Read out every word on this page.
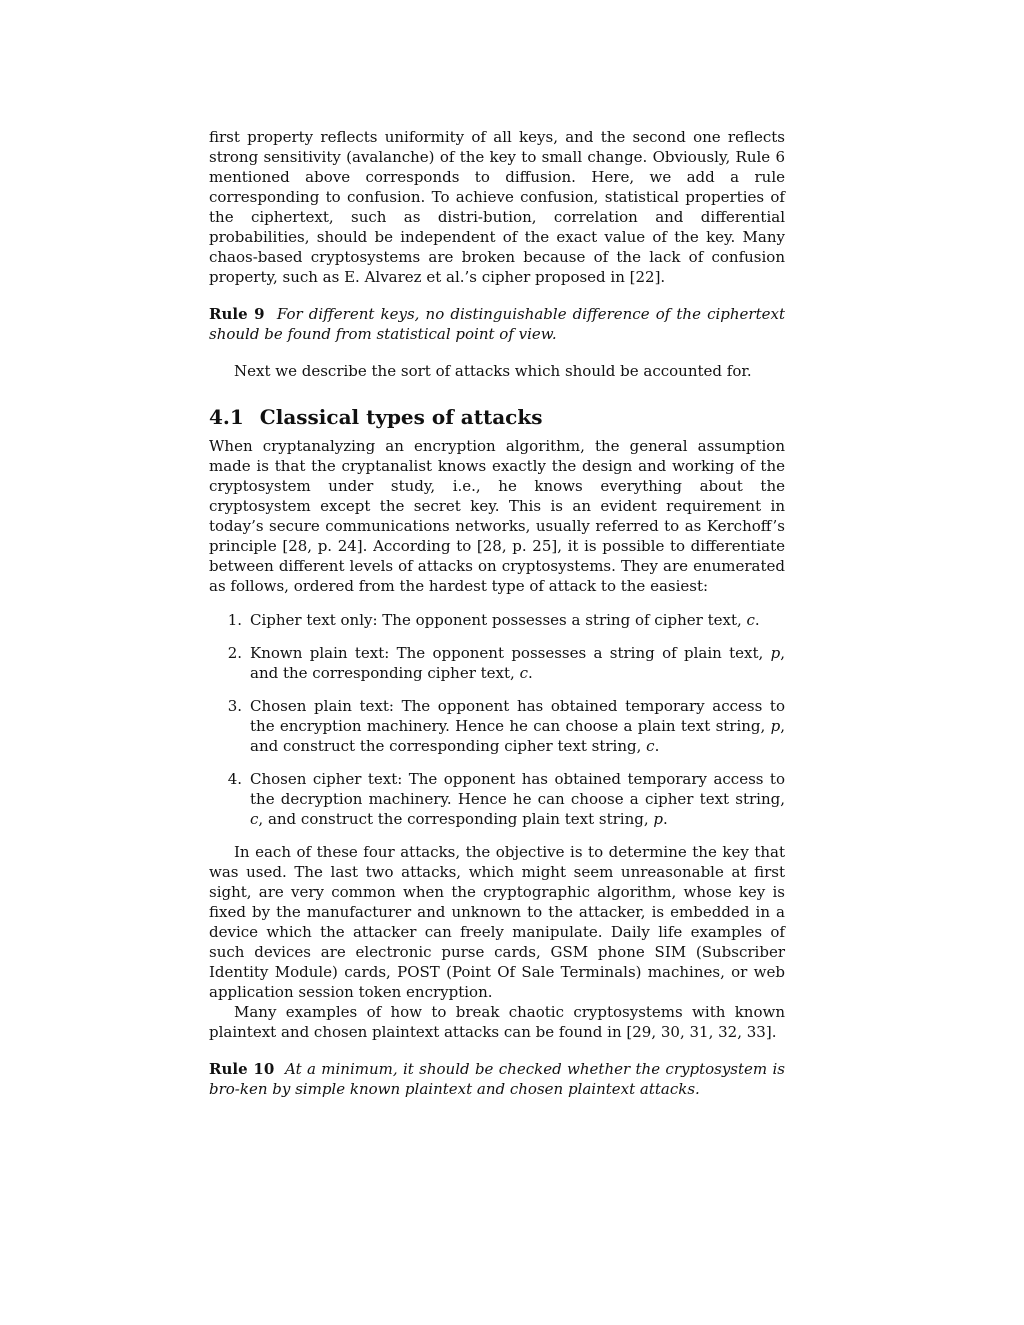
first property reflects uniformity of all keys, and the second one reflects strong sensitivity (avalanche) of the key to small change. Obviously, Rule 6 mentioned above corresponds to diffusion. Here, we add a rule corresponding to confusion. To achieve confusion, statistical properties of the ciphertext, such as distri-bution, correlation and differential probabilities, should be independent of the exact value of the key. Many chaos-based cryptosystems are broken because of the lack of confusion property, such as E. Alvarez et al.’s cipher proposed in [22].

Rule 9 For different keys, no distinguishable difference of the ciphertext should be found from statistical point of view.

Next we describe the sort of attacks which should be accounted for.

4.1 Classical types of attacks

When cryptanalyzing an encryption algorithm, the general assumption made is that the cryptanalist knows exactly the design and working of the cryptosystem under study, i.e., he knows everything about the cryptosystem except the secret key. This is an evident requirement in today’s secure communications networks, usually referred to as Kerchoff’s principle [28, p. 24]. According to [28, p. 25], it is possible to differentiate between different levels of attacks on cryptosystems. They are enumerated as follows, ordered from the hardest type of attack to the easiest:

1. Cipher text only: The opponent possesses a string of cipher text, c.
2. Known plain text: The opponent possesses a string of plain text, p, and the corresponding cipher text, c.
3. Chosen plain text: The opponent has obtained temporary access to the encryption machinery. Hence he can choose a plain text string, p, and construct the corresponding cipher text string, c.
4. Chosen cipher text: The opponent has obtained temporary access to the decryption machinery. Hence he can choose a cipher text string, c, and construct the corresponding plain text string, p.

In each of these four attacks, the objective is to determine the key that was used. The last two attacks, which might seem unreasonable at first sight, are very common when the cryptographic algorithm, whose key is fixed by the manufacturer and unknown to the attacker, is embedded in a device which the attacker can freely manipulate. Daily life examples of such devices are electronic purse cards, GSM phone SIM (Subscriber Identity Module) cards, POST (Point Of Sale Terminals) machines, or web application session token encryption.

Many examples of how to break chaotic cryptosystems with known plaintext and chosen plaintext attacks can be found in [29, 30, 31, 32, 33].

Rule 10 At a minimum, it should be checked whether the cryptosystem is bro-ken by simple known plaintext and chosen plaintext attacks.
